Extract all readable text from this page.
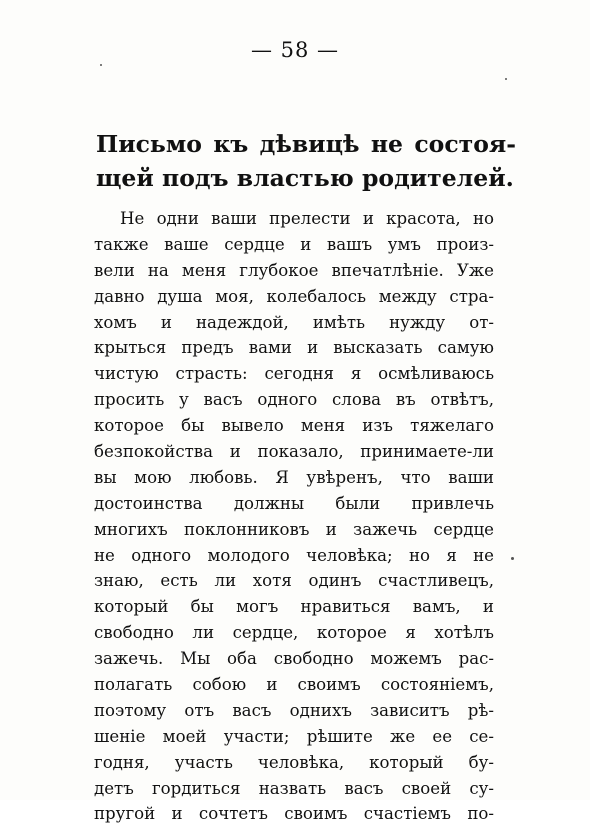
— 58 —
Письмо къ дѣвицѣ не состоя-
щей подъ властью родителей.
Не одни ваши прелести и красота, но
также ваше сердце и вашъ умъ произ-
вели на меня глубокое впечатлѣніе. Уже
давно душа моя, колебалось между стра-
хомъ и надеждой, имѣть нужду от-
крыться предъ вами и высказать самую
чистую страсть: сегодня я осмѣливаюсь
просить у васъ одного слова въ отвѣтъ,
которое бы вывело меня изъ тяжелаго
безпокойства и показало, принимаете-ли
вы мою любовь. Я увѣренъ, что ваши
достоинства должны были привлечь
многихъ поклонниковъ и зажечь сердце
не одного молодого человѣка; но я не
знаю, есть ли хотя одинъ счастливецъ,
который бы могъ нравиться вамъ, и
свободно ли сердце, которое я хотѣлъ
зажечь. Мы оба свободно можемъ рас-
полагать собою и своимъ состояніемъ,
поэтому отъ васъ однихъ зависитъ рѣ-
шеніе моей участи; рѣшите же ее се-
годня, участь человѣка, который бу-
детъ гордиться назвать васъ своей су-
пругой и сочтетъ своимъ счастіемъ по-
